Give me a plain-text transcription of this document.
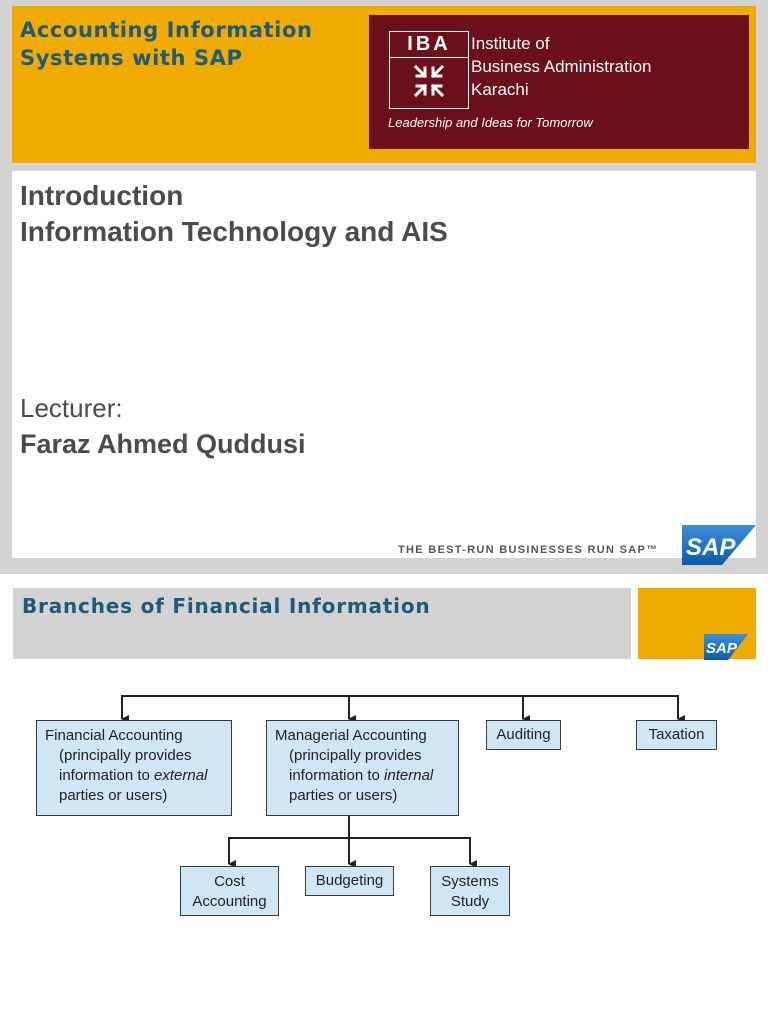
Accounting Information
Systems with SAP
IBA	Institute of
Business Administration
Karachi
Leadership and Ideas for Tomorrow
Introduction
Information Technology and AIS
Lecturer:
Faraz Ahmed Quddusi
THE BEST-RUN BUSINESSES RUN SAP™ SAP
Branches of Financial Information
SAP
Financial Accounting
(principally provides
information to external
parties or users)
Managerial Accounting
(principally provides
information to internal
parties or users)
Auditing	Taxation
Cost
Accounting
Budgeting	Systems
Study
